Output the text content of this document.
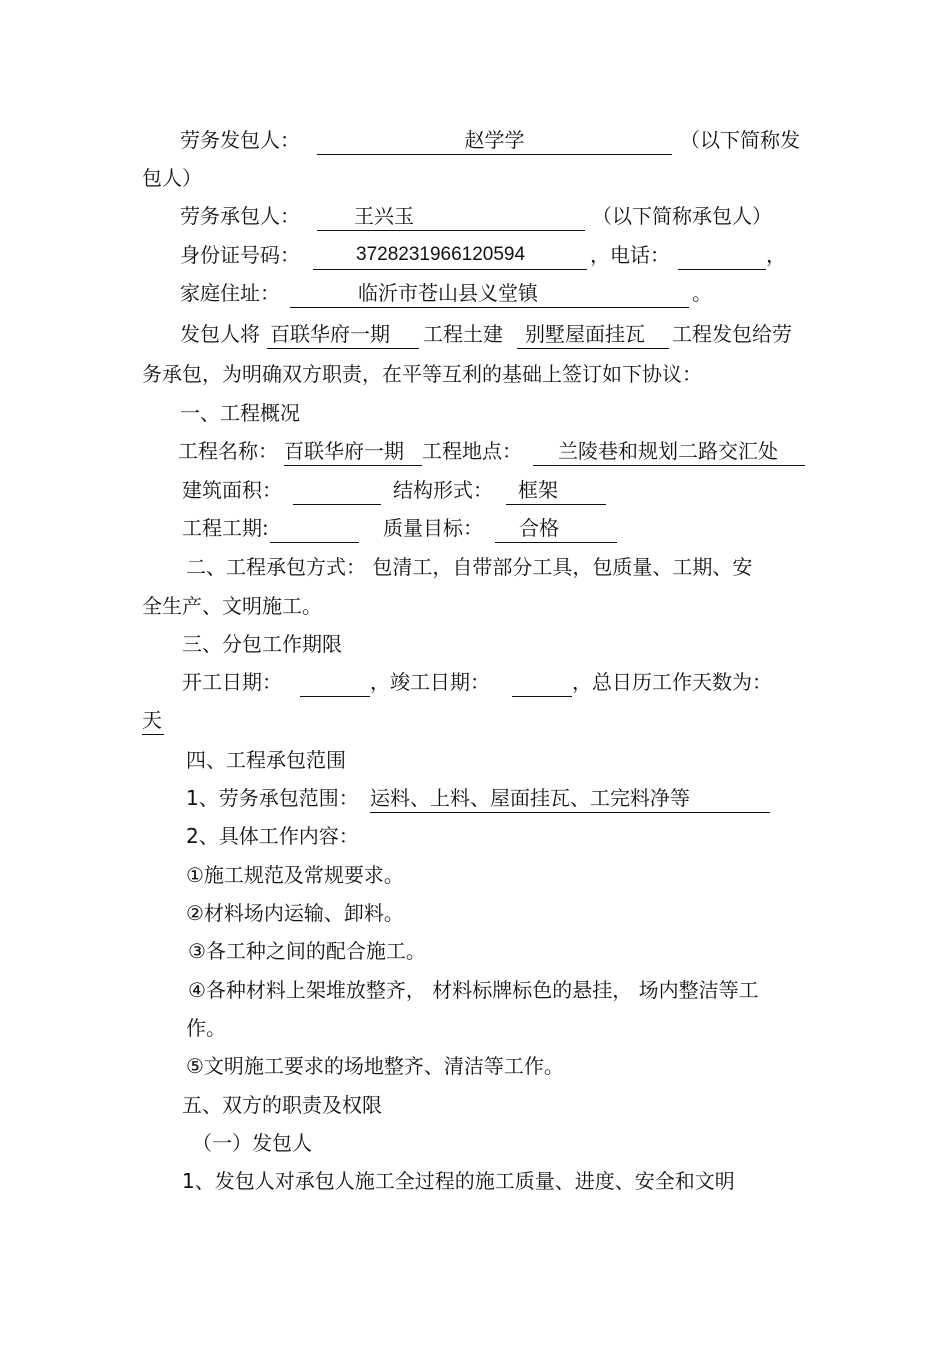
劳务发包人：	赵学学	（以下简称发
包人）
劳务承包人：	王兴玉	（以下简称承包人）
身份证号码：	3728231966120594	，电话：	，
家庭住址：	临沂市苍山县义堂镇	。
发包人将 百联华府一期	工程土建	别墅屋面挂瓦	工程发包给劳
务承包，为明确双方职责，在平等互利的基础上签订如下协议：
一、工程概况
工程名称： 百联华府一期 工程地点：	兰陵巷和规划二路交汇处
建筑面积：	结构形式：	框架
工程工期:	质量目标：	合格
二、工程承包方式： 包清工，自带部分工具，包质量、工期、安
全生产、文明施工。
三、分包工作期限
开工日期：	，竣工日期：	，总日历工作天数为：
天
四、工程承包范围
1、劳务承包范围： 运料、上料、屋面挂瓦、工完料净等
2、具体工作内容：
①施工规范及常规要求。
②材料场内运输、卸料。
③各工种之间的配合施工。
④各种材料上架堆放整齐， 材料标牌标色的悬挂， 场内整洁等工
作。
⑤文明施工要求的场地整齐、清洁等工作。
五、双方的职责及权限
（一）发包人
1、发包人对承包人施工全过程的施工质量、进度、安全和文明
